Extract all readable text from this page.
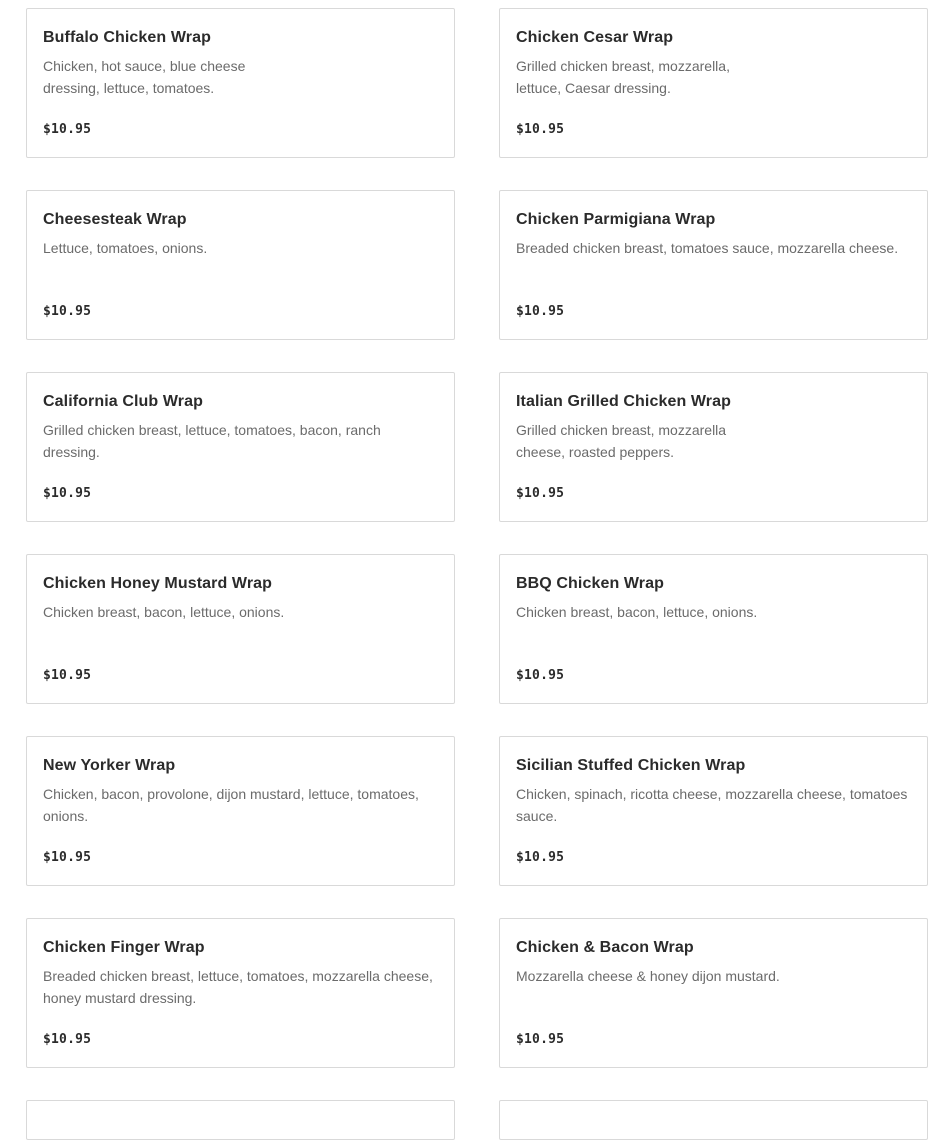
Buffalo Chicken Wrap
Chicken, hot sauce, blue cheese dressing, lettuce, tomatoes.
$10.95
Chicken Cesar Wrap
Grilled chicken breast, mozzarella, lettuce, Caesar dressing.
$10.95
Cheesesteak Wrap
Lettuce, tomatoes, onions.
$10.95
Chicken Parmigiana Wrap
Breaded chicken breast, tomatoes sauce, mozzarella cheese.
$10.95
California Club Wrap
Grilled chicken breast, lettuce, tomatoes, bacon, ranch dressing.
$10.95
Italian Grilled Chicken Wrap
Grilled chicken breast, mozzarella cheese, roasted peppers.
$10.95
Chicken Honey Mustard Wrap
Chicken breast, bacon, lettuce, onions.
$10.95
BBQ Chicken Wrap
Chicken breast, bacon, lettuce, onions.
$10.95
New Yorker Wrap
Chicken, bacon, provolone, dijon mustard, lettuce, tomatoes, onions.
$10.95
Sicilian Stuffed Chicken Wrap
Chicken, spinach, ricotta cheese, mozzarella cheese, tomatoes sauce.
$10.95
Chicken Finger Wrap
Breaded chicken breast, lettuce, tomatoes, mozzarella cheese, honey mustard dressing.
$10.95
Chicken & Bacon Wrap
Mozzarella cheese & honey dijon mustard.
$10.95
